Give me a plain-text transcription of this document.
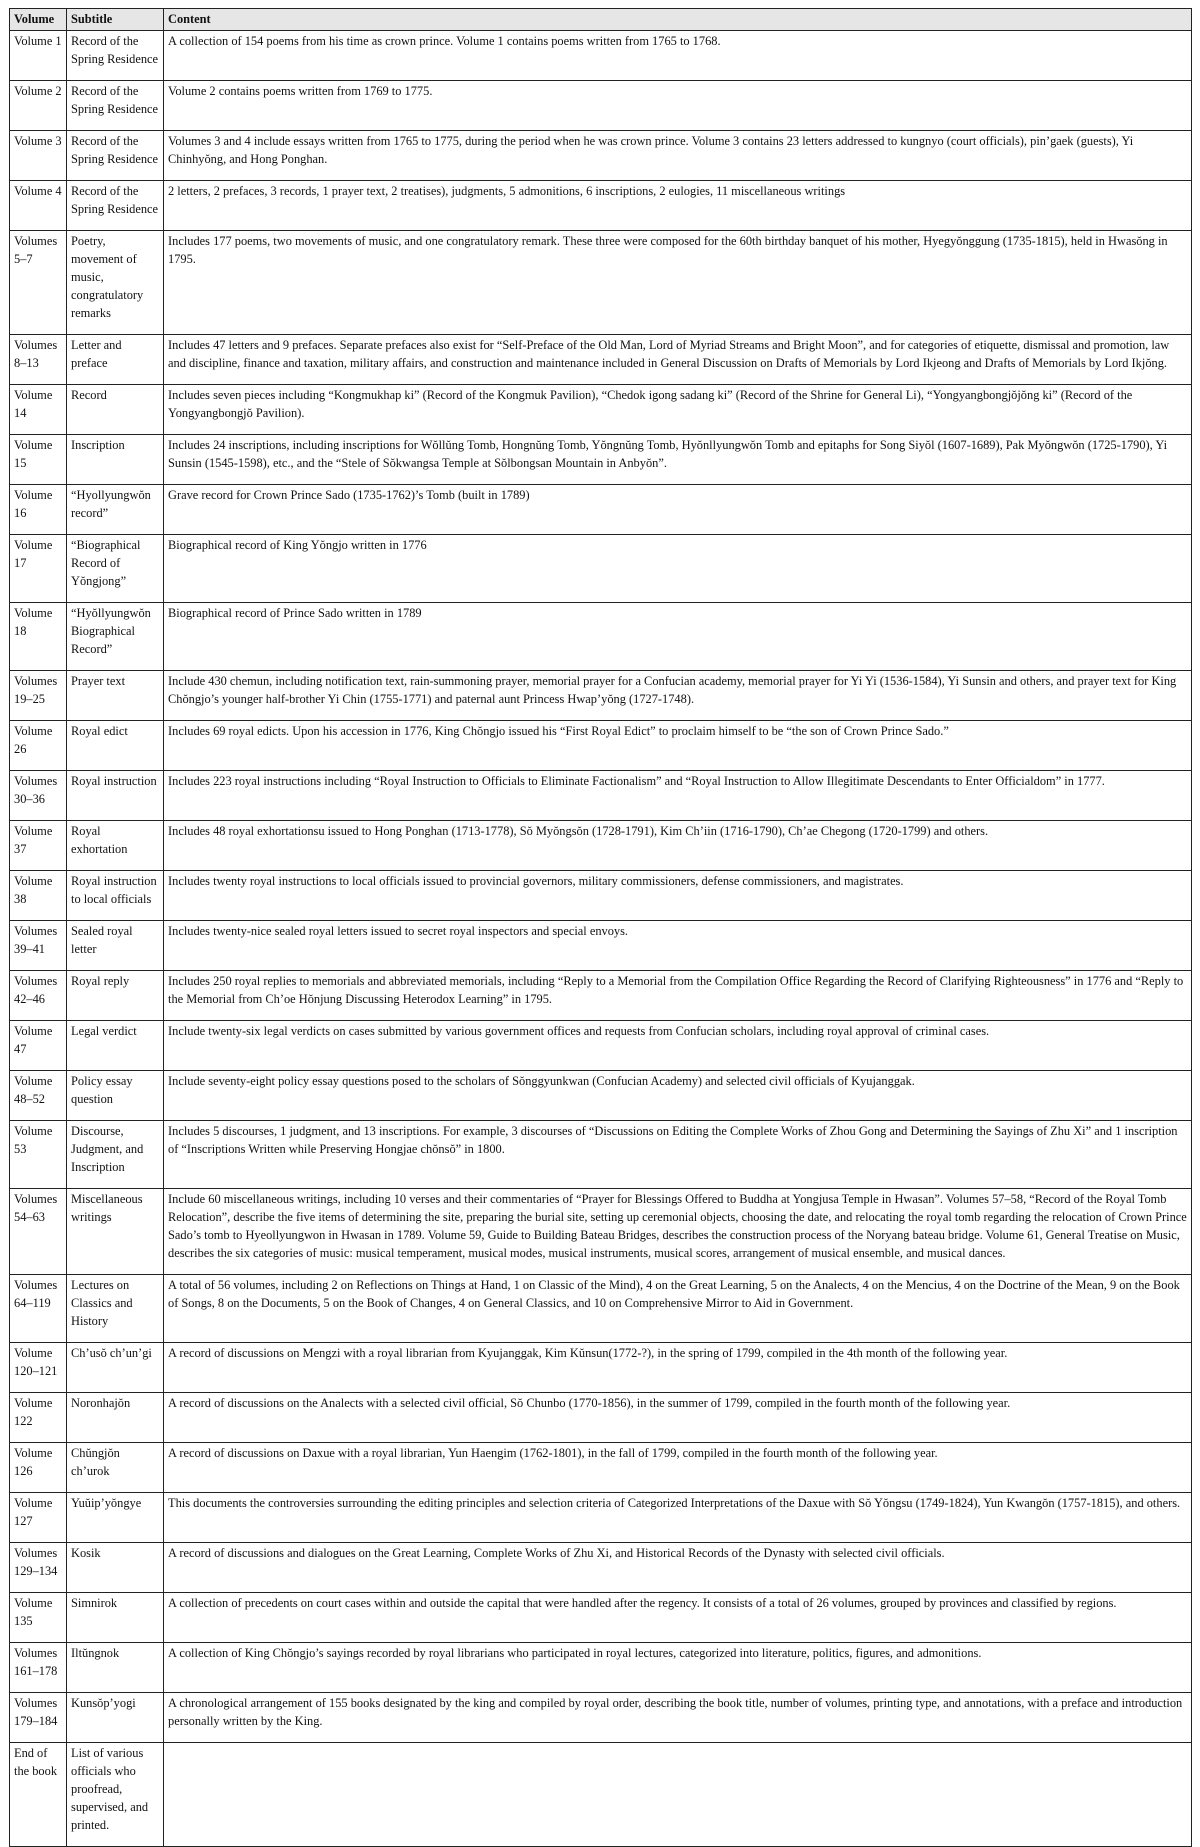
Volume	Subtitle	Content
Volume 1	Record of the Spring Residence	A collection of 154 poems from his time as crown prince. Volume 1 contains poems written from 1765 to 1768.
Volume 2	Record of the Spring Residence	Volume 2 contains poems written from 1769 to 1775.
Volume 3	Record of the Spring Residence	Volumes 3 and 4 include essays written from 1765 to 1775, during the period when he was crown prince. Volume 3 contains 23 letters addressed to kungnyo (court officials), pin’gaek (guests), Yi Chinhyŏng, and Hong Ponghan.
Volume 4	Record of the Spring Residence	2 letters, 2 prefaces, 3 records, 1 prayer text, 2 treatises), judgments, 5 admonitions, 6 inscriptions, 2 eulogies, 11 miscellaneous writings
Volumes 5–7	Poetry, movement of music, congratulatory remarks	Includes 177 poems, two movements of music, and one congratulatory remark. These three were composed for the 60th birthday banquet of his mother, Hyegyŏnggung (1735-1815), held in Hwasŏng in 1795.
Volumes 8–13	Letter and preface	Includes 47 letters and 9 prefaces. Separate prefaces also exist for “Self-Preface of the Old Man, Lord of Myriad Streams and Bright Moon”, and for categories of etiquette, dismissal and promotion, law and discipline, finance and taxation, military affairs, and construction and maintenance included in General Discussion on Drafts of Memorials by Lord Ikjeong and Drafts of Memorials by Lord Ikjŏng.
Volume 14	Record	Includes seven pieces including “Kongmukhap ki” (Record of the Kongmuk Pavilion), “Chedok igong sadang ki” (Record of the Shrine for General Li), “Yongyangbongjŏjŏng ki” (Record of the Yongyangbongjŏ Pavilion).
Volume 15	Inscription	Includes 24 inscriptions, including inscriptions for Wŏllŭng Tomb, Hongnŭng Tomb, Yŏngnŭng Tomb, Hyŏnllyungwŏn Tomb and epitaphs for Song Siyŏl (1607-1689), Pak Myŏngwŏn (1725-1790), Yi Sunsin (1545-1598), etc., and the “Stele of Sŏkwangsa Temple at Sŏlbongsan Mountain in Anbyŏn”.
Volume 16	“Hyollyungwŏn record”	Grave record for Crown Prince Sado (1735-1762)’s Tomb (built in 1789)
Volume 17	“Biographical Record of Yŏngjong”	Biographical record of King Yŏngjo written in 1776
Volume 18	“Hyŏllyungwŏn Biographical Record”	Biographical record of Prince Sado written in 1789
Volumes 19–25	Prayer text	Include 430 chemun, including notification text, rain-summoning prayer, memorial prayer for a Confucian academy, memorial prayer for Yi Yi (1536-1584), Yi Sunsin and others, and prayer text for King Chŏngjo’s younger half-brother Yi Chin (1755-1771) and paternal aunt Princess Hwap’yŏng (1727-1748).
Volume 26	Royal edict	Includes 69 royal edicts. Upon his accession in 1776, King Chŏngjo issued his “First Royal Edict” to proclaim himself to be “the son of Crown Prince Sado.”
Volumes 30–36	Royal instruction	Includes 223 royal instructions including “Royal Instruction to Officials to Eliminate Factionalism” and “Royal Instruction to Allow Illegitimate Descendants to Enter Officialdom” in 1777.
Volume 37	Royal exhortation	Includes 48 royal exhortationsu issued to Hong Ponghan (1713-1778), Sŏ Myŏngsŏn (1728-1791), Kim Ch’iin (1716-1790), Ch’ae Chegong (1720-1799) and others.
Volume 38	Royal instruction to local officials	Includes twenty royal instructions to local officials issued to provincial governors, military commissioners, defense commissioners, and magistrates.
Volumes 39–41	Sealed royal letter	Includes twenty-nice sealed royal letters issued to secret royal inspectors and special envoys.
Volumes 42–46	Royal reply	Includes 250 royal replies to memorials and abbreviated memorials, including “Reply to a Memorial from the Compilation Office Regarding the Record of Clarifying Righteousness” in 1776 and “Reply to the Memorial from Ch’oe Hŏnjung Discussing Heterodox Learning” in 1795.
Volume 47	Legal verdict	Include twenty-six legal verdicts on cases submitted by various government offices and requests from Confucian scholars, including royal approval of criminal cases.
Volume 48–52	Policy essay question	Include seventy-eight policy essay questions posed to the scholars of Sŏnggyunkwan (Confucian Academy) and selected civil officials of Kyujanggak.
Volume 53	Discourse, Judgment, and Inscription	Includes 5 discourses, 1 judgment, and 13 inscriptions. For example, 3 discourses of “Discussions on Editing the Complete Works of Zhou Gong and Determining the Sayings of Zhu Xi” and 1 inscription of “Inscriptions Written while Preserving Hongjae chŏnsŏ” in 1800.
Volumes 54–63	Miscellaneous writings	Include 60 miscellaneous writings, including 10 verses and their commentaries of “Prayer for Blessings Offered to Buddha at Yongjusa Temple in Hwasan”. Volumes 57–58, “Record of the Royal Tomb Relocation”, describe the five items of determining the site, preparing the burial site, setting up ceremonial objects, choosing the date, and relocating the royal tomb regarding the relocation of Crown Prince Sado’s tomb to Hyeollyungwon in Hwasan in 1789. Volume 59, Guide to Building Bateau Bridges, describes the construction process of the Noryang bateau bridge. Volume 61, General Treatise on Music, describes the six categories of music: musical temperament, musical modes, musical instruments, musical scores, arrangement of musical ensemble, and musical dances.
Volumes 64–119	Lectures on Classics and History	A total of 56 volumes, including 2 on Reflections on Things at Hand, 1 on Classic of the Mind), 4 on the Great Learning, 5 on the Analects, 4 on the Mencius, 4 on the Doctrine of the Mean, 9 on the Book of Songs, 8 on the Documents, 5 on the Book of Changes, 4 on General Classics, and 10 on Comprehensive Mirror to Aid in Government.
Volume 120–121	Ch’usŏ ch’un’gi	A record of discussions on Mengzi with a royal librarian from Kyujanggak, Kim Kŭnsun(1772-?), in the spring of 1799, compiled in the 4th month of the following year.
Volume 122	Noronhajŏn	A record of discussions on the Analects with a selected civil official, Sŏ Chunbo (1770-1856), in the summer of 1799, compiled in the fourth month of the following year.
Volume 126	Chŭngjŏn ch’urok	A record of discussions on Daxue with a royal librarian, Yun Haengim (1762-1801), in the fall of 1799, compiled in the fourth month of the following year.
Volume 127	Yuŭip’yŏngye	This documents the controversies surrounding the editing principles and selection criteria of Categorized Interpretations of the Daxue with Sŏ Yŏngsu (1749-1824), Yun Kwangŏn (1757-1815), and others.
Volumes 129–134	Kosik	A record of discussions and dialogues on the Great Learning, Complete Works of Zhu Xi, and Historical Records of the Dynasty with selected civil officials.
Volume 135	Simnirok	A collection of precedents on court cases within and outside the capital that were handled after the regency. It consists of a total of 26 volumes, grouped by provinces and classified by regions.
Volumes 161–178	Iltŭngnok	A collection of King Chŏngjo’s sayings recorded by royal librarians who participated in royal lectures, categorized into literature, politics, figures, and admonitions.
Volumes 179–184	Kunsŏp’yogi	A chronological arrangement of 155 books designated by the king and compiled by royal order, describing the book title, number of volumes, printing type, and annotations, with a preface and introduction personally written by the King.
End of the book	List of various officials who proofread, supervised, and printed.	
